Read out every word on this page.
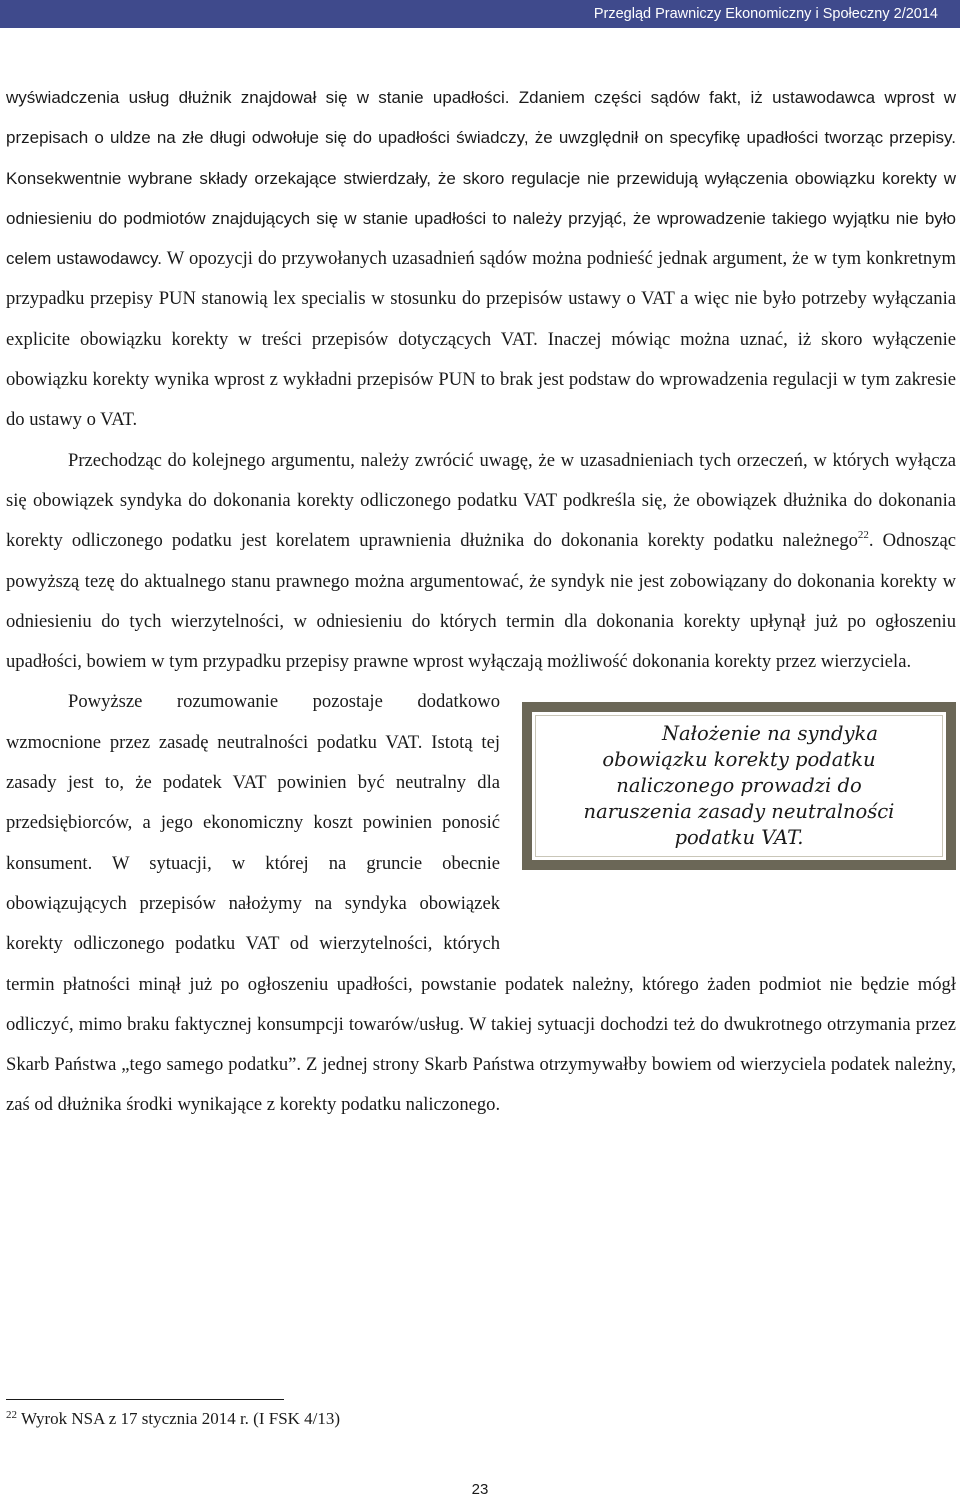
Przegląd Prawniczy Ekonomiczny i Społeczny 2/2014

wyświadczenia usług dłużnik znajdował się w stanie upadłości. Zdaniem części sądów fakt, iż ustawodawca wprost w przepisach o uldze na złe długi odwołuje się do upadłości świadczy, że uwzględnił on specyfikę upadłości tworząc przepisy. Konsekwentnie wybrane składy orzekające stwierdzały, że skoro regulacje nie przewidują wyłączenia obowiązku korekty w odniesieniu do podmiotów znajdujących się w stanie upadłości to należy przyjąć, że wprowadzenie takiego wyjątku nie było celem ustawodawcy. W opozycji do przywołanych uzasadnień sądów można podnieść jednak argument, że w tym konkretnym przypadku przepisy PUN stanowią lex specialis w stosunku do przepisów ustawy o VAT a więc nie było potrzeby wyłączania explicite obowiązku korekty w treści przepisów dotyczących VAT. Inaczej mówiąc można uznać, iż skoro wyłączenie obowiązku korekty wynika wprost z wykładni przepisów PUN to brak jest podstaw do wprowadzenia regulacji w tym zakresie do ustawy o VAT.

Przechodząc do kolejnego argumentu, należy zwrócić uwagę, że w uzasadnieniach tych orzeczeń, w których wyłącza się obowiązek syndyka do dokonania korekty odliczonego podatku VAT podkreśla się, że obowiązek dłużnika do dokonania korekty odliczonego podatku jest korelatem uprawnienia dłużnika do dokonania korekty podatku należnego$^{22}$. Odnosząc powyższą tezę do aktualnego stanu prawnego można argumentować, że syndyk nie jest zobowiązany do dokonania korekty w odniesieniu do tych wierzytelności, w odniesieniu do których termin dla dokonania korekty upłynął już po ogłoszeniu upadłości, bowiem w tym przypadku przepisy prawne wprost wyłączają możliwość dokonania korekty przez wierzyciela.

Nałożenie na syndyka obowiązku korekty podatku naliczonego prowadzi do naruszenia zasady neutralności podatku VAT.
Powyższe rozumowanie pozostaje dodatkowo wzmocnione przez zasadę neutralności podatku VAT. Istotą tej zasady jest to, że podatek VAT powinien być neutralny dla przedsiębiorców, a jego ekonomiczny koszt powinien ponosić konsument. W sytuacji, w której na gruncie obecnie obowiązujących przepisów nałożymy na syndyka obowiązek korekty odliczonego podatku VAT od wierzytelności, których termin płatności minął już po ogłoszeniu upadłości, powstanie podatek należny, którego żaden podmiot nie będzie mógł odliczyć, mimo braku faktycznej konsumpcji towarów/usług. W takiej sytuacji dochodzi też do dwukrotnego otrzymania przez Skarb Państwa „tego samego podatku”. Z jednej strony Skarb Państwa otrzymywałby bowiem od wierzyciela podatek należny, zaś od dłużnika środki wynikające z korekty podatku naliczonego.

$^{22}$ Wyrok NSA z 17 stycznia 2014 r. (I FSK 4/13)
23
